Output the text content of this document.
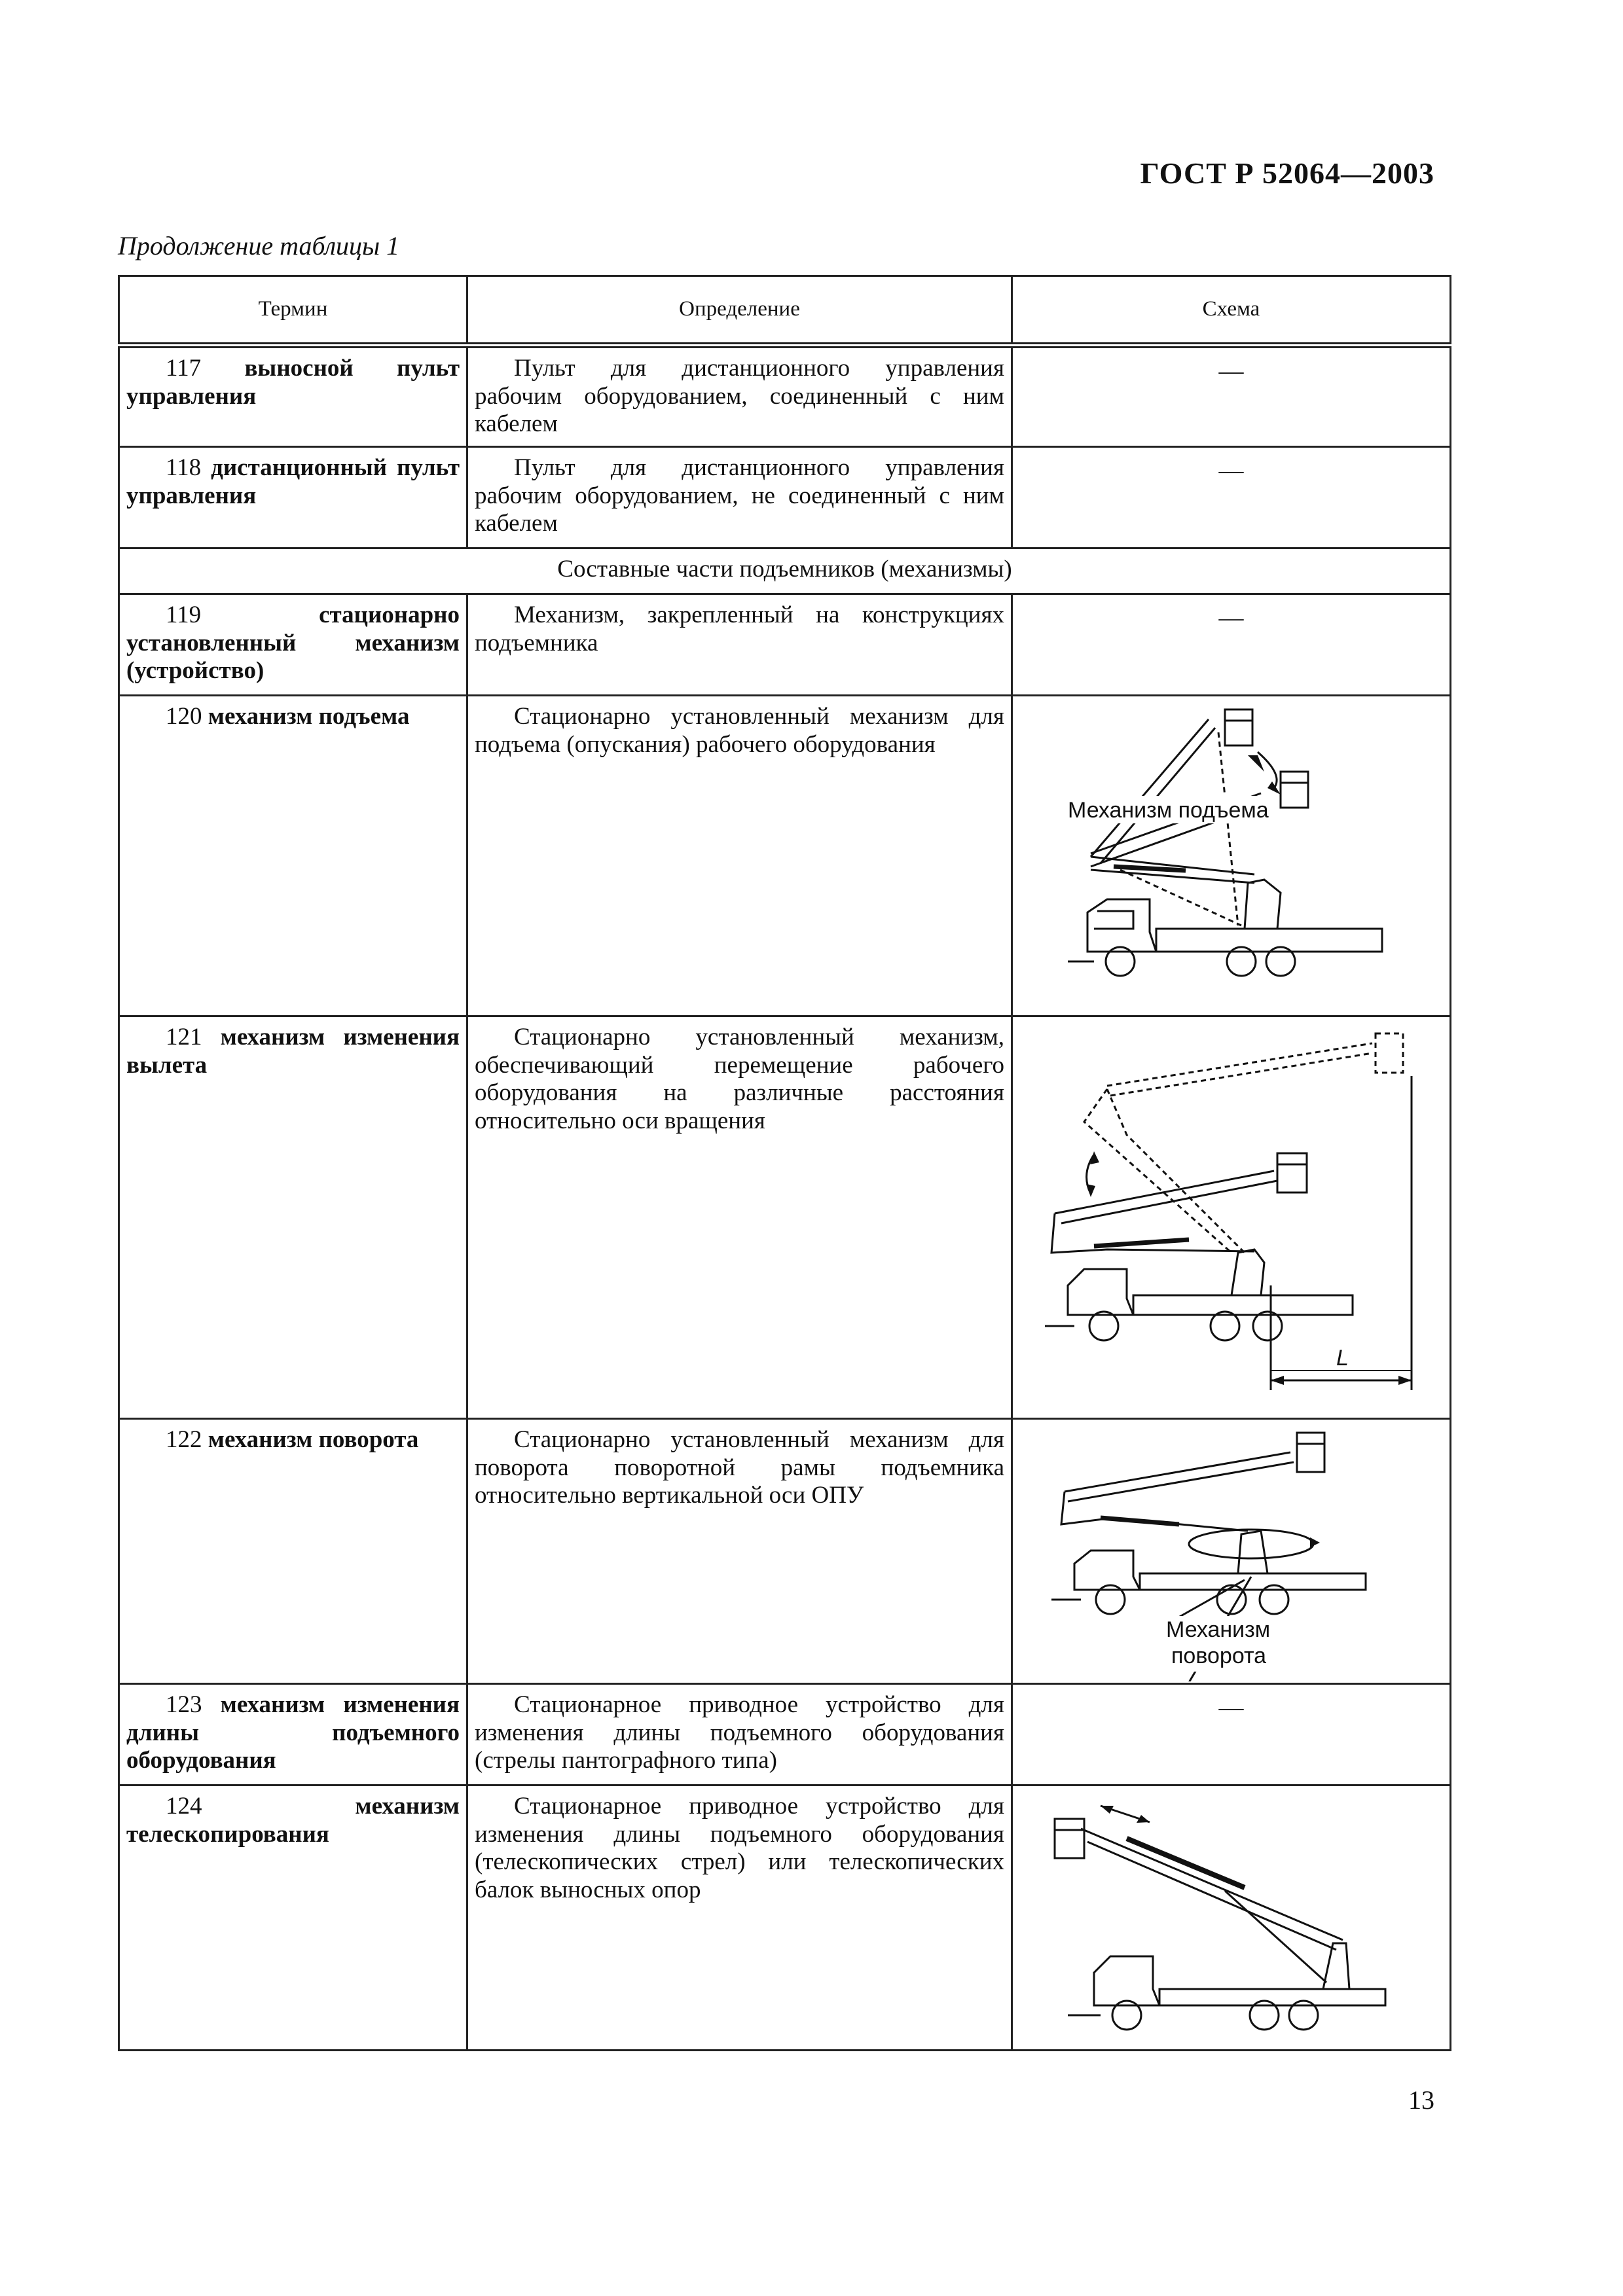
ГОСТ Р 52064—2003
Продолжение таблицы 1
Термин	Определение	Схема

117 выносной пульт управления	Пульт для дистанционного управления рабочим оборудованием, соединенный с ним кабелем	—

118 дистанционный пульт управления	Пульт для дистанционного управления рабочим оборудованием, не соединенный с ним кабелем	—

Составные части подъемников (механизмы)		

119 стационарно установленный механизм (устройство)	Механизм, закрепленный на конструкциях подъемника	—

120 механизм подъема	Стационарно установленный механизм для подъема (опускания) рабочего оборудования	Механизм подъема

121 механизм изменения вылета	Стационарно установленный механизм, обеспечивающий перемещение рабочего оборудования на различные расстояния относительно оси вращения	L

122 механизм поворота	Стационарно установленный механизм для поворота поворотной рамы подъемника относительно вертикальной оси ОПУ	Механизм
поворота

123 механизм изменения длины подъемного оборудования	Стационарное приводное устройство для изменения длины подъемного оборудования (стрелы пантографного типа)	—

124 механизм телескопирования	Стационарное приводное устройство для изменения длины подъемного оборудования (телескопических стрел) или телескопических балок выносных опор

13
